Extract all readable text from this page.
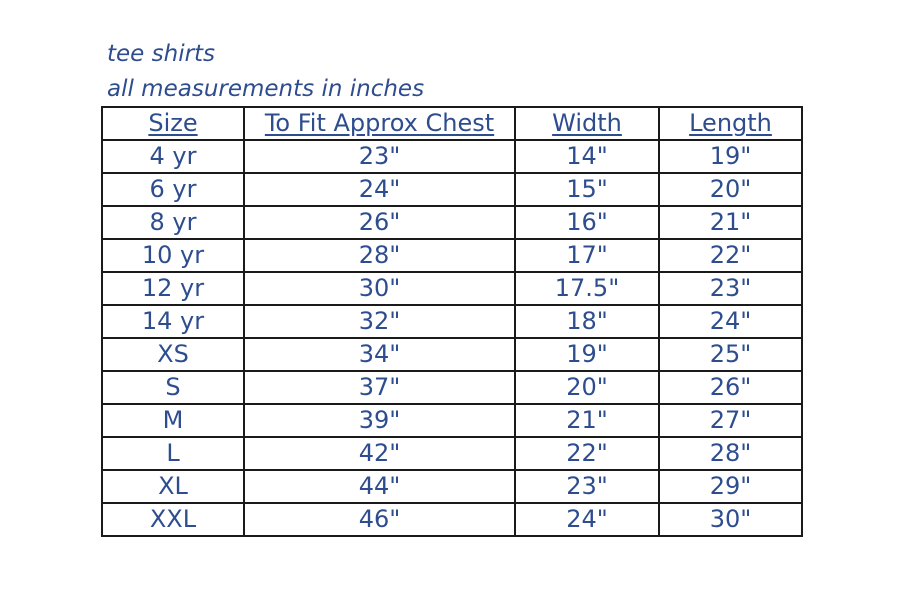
tee shirts
all measurements in inches
Size	To Fit Approx Chest	Width	Length
4 yr	23"	14"	19"
6 yr	24"	15"	20"
8 yr	26"	16"	21"
10 yr	28"	17"	22"
12 yr	30"	17.5"	23"
14 yr	32"	18"	24"
XS	34"	19"	25"
S	37"	20"	26"
M	39"	21"	27"
L	42"	22"	28"
XL	44"	23"	29"
XXL	46"	24"	30"
